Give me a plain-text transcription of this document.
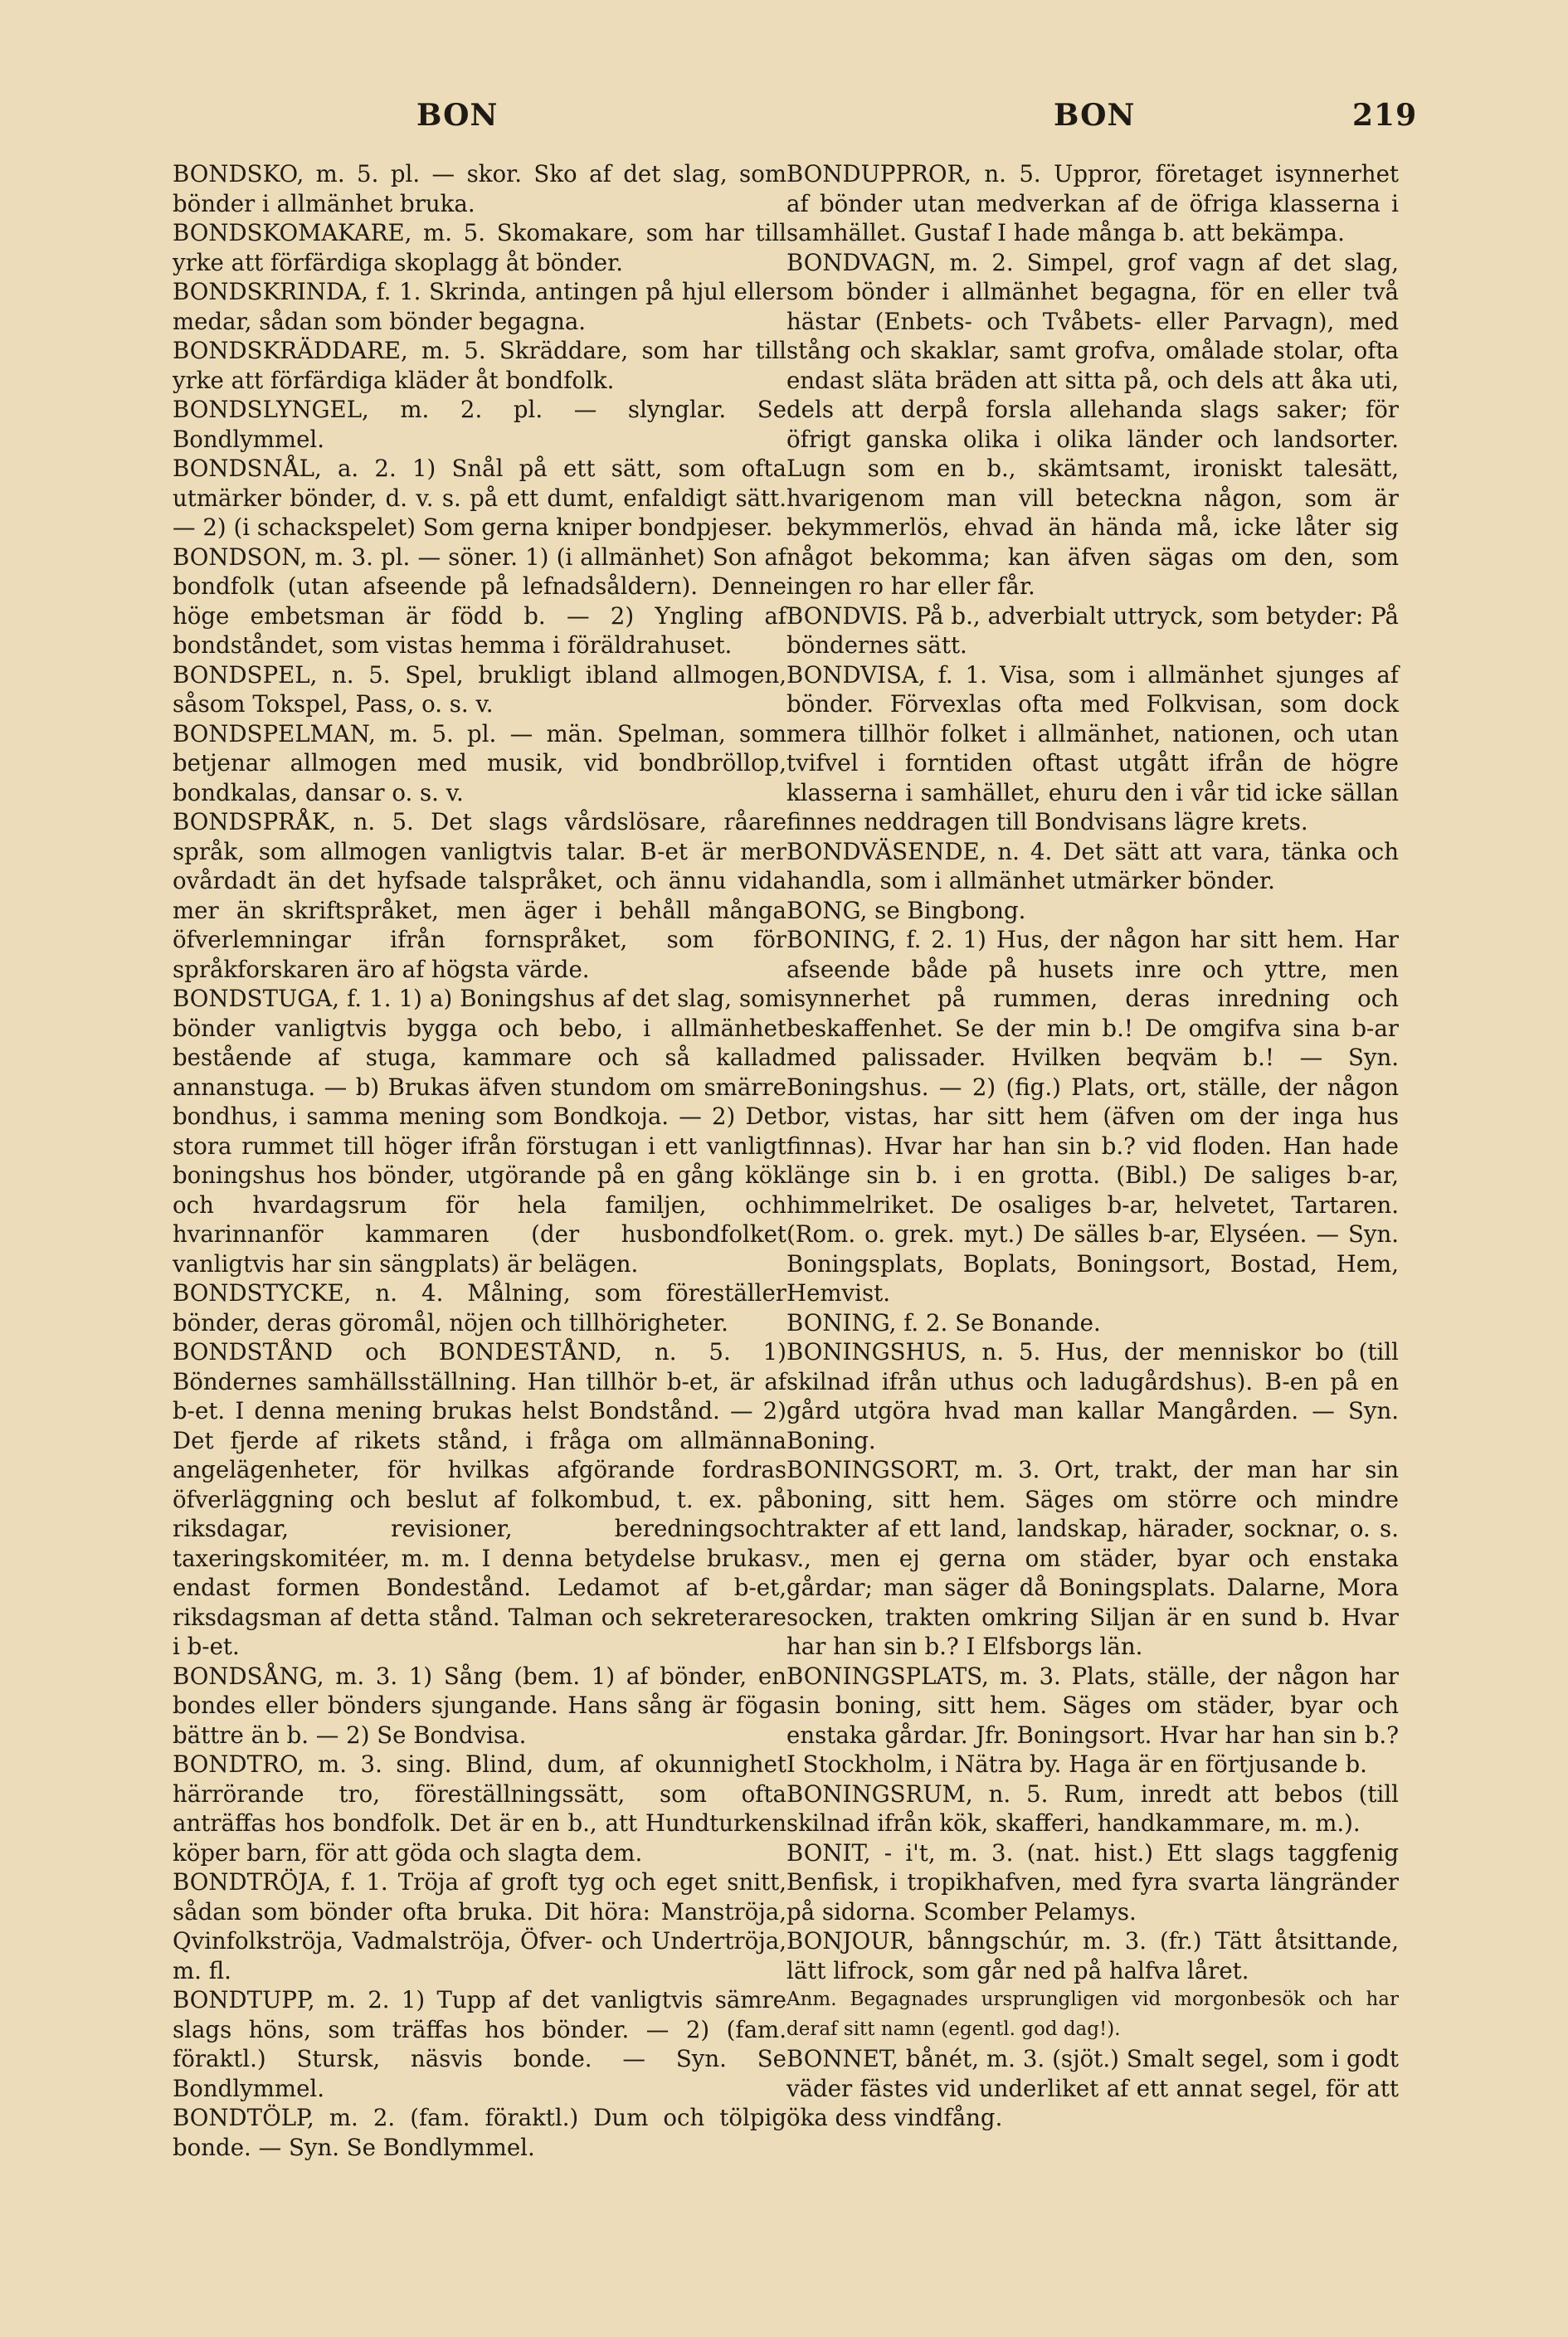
BON	BON	219

BONDSKO, m. 5. pl. — skor. Sko af det slag, som bönder i allmänhet bruka.

BONDSKOMAKARE, m. 5. Skomakare, som har till yrke att förfärdiga skoplagg åt bönder.

BONDSKRINDA, f. 1. Skrinda, antingen på hjul eller medar, sådan som bönder begagna.

BONDSKRÄDDARE, m. 5. Skräddare, som har till yrke att förfärdiga kläder åt bondfolk.

BONDSLYNGEL, m. 2. pl. — slynglar. Se Bondlymmel.

BONDSNÅL, a. 2. 1) Snål på ett sätt, som ofta utmärker bönder, d. v. s. på ett dumt, enfaldigt sätt. — 2) (i schackspelet) Som gerna kniper bondpjeser.

BONDSON, m. 3. pl. — söner. 1) (i allmänhet) Son af bondfolk (utan afseende på lefnadsåldern). Denne höge embetsman är född b. — 2) Yngling af bondståndet, som vistas hemma i föräldrahuset.

BONDSPEL, n. 5. Spel, brukligt ibland allmogen, såsom Tokspel, Pass, o. s. v.

BONDSPELMAN, m. 5. pl. — män. Spelman, som betjenar allmogen med musik, vid bondbröllop, bondkalas, dansar o. s. v.

BONDSPRÅK, n. 5. Det slags vårdslösare, råare språk, som allmogen vanligtvis talar. B-et är mer ovårdadt än det hyfsade talspråket, och ännu vida mer än skriftspråket, men äger i behåll många öfverlemningar ifrån fornspråket, som för språkforskaren äro af högsta värde.

BONDSTUGA, f. 1. 1) a) Boningshus af det slag, som bönder vanligtvis bygga och bebo, i allmänhet bestående af stuga, kammare och så kallad annanstuga. — b) Brukas äfven stundom om smärre bondhus, i samma mening som Bondkoja. — 2) Det stora rummet till höger ifrån förstugan i ett vanligt boningshus hos bönder, utgörande på en gång kök och hvardagsrum för hela familjen, och hvarinnanför kammaren (der husbondfolket vanligtvis har sin sängplats) är belägen.

BONDSTYCKE, n. 4. Målning, som föreställer bönder, deras göromål, nöjen och tillhörigheter.

BONDSTÅND och BONDESTÅND, n. 5. 1) Böndernes samhällsställning. Han tillhör b-et, är af b-et. I denna mening brukas helst Bondstånd. — 2) Det fjerde af rikets stånd, i fråga om allmänna angelägenheter, för hvilkas afgörande fordras öfverläggning och beslut af folkombud, t. ex. på riksdagar, revisioner, beredningsoch taxeringskomitéer, m. m. I denna betydelse brukas endast formen Bondestånd. Ledamot af b-et, riksdagsman af detta stånd. Talman och sekreterare i b-et.

BONDSÅNG, m. 3. 1) Sång (bem. 1) af bönder, en bondes eller bönders sjungande. Hans sång är föga bättre än b. — 2) Se Bondvisa.

BONDTRO, m. 3. sing. Blind, dum, af okunnighet härrörande tro, föreställningssätt, som ofta anträffas hos bondfolk. Det är en b., att Hundturken köper barn, för att göda och slagta dem.

BONDTRÖJA, f. 1. Tröja af groft tyg och eget snitt, sådan som bönder ofta bruka. Dit höra: Manströja, Qvinfolkströja, Vadmalströja, Öfver- och Undertröja, m. fl.

BONDTUPP, m. 2. 1) Tupp af det vanligtvis sämre slags höns, som träffas hos bönder. — 2) (fam. föraktl.) Stursk, näsvis bonde. — Syn. Se Bondlymmel.

BONDTÖLP, m. 2. (fam. föraktl.) Dum och tölpig bonde. — Syn. Se Bondlymmel.

BONDUPPROR, n. 5. Uppror, företaget isynnerhet af bönder utan medverkan af de öfriga klasserna i samhället. Gustaf I hade många b. att bekämpa.

BONDVAGN, m. 2. Simpel, grof vagn af det slag, som bönder i allmänhet begagna, för en eller två hästar (Enbets- och Tvåbets- eller Parvagn), med stång och skaklar, samt grofva, omålade stolar, ofta endast släta bräden att sitta på, och dels att åka uti, dels att derpå forsla allehanda slags saker; för öfrigt ganska olika i olika länder och landsorter. Lugn som en b., skämtsamt, ironiskt talesätt, hvarigenom man vill beteckna någon, som är bekymmerlös, ehvad än hända må, icke låter sig något bekomma; kan äfven sägas om den, som ingen ro har eller får.

BONDVIS. På b., adverbialt uttryck, som betyder: På böndernes sätt.

BONDVISA, f. 1. Visa, som i allmänhet sjunges af bönder. Förvexlas ofta med Folkvisan, som dock mera tillhör folket i allmänhet, nationen, och utan tvifvel i forntiden oftast utgått ifrån de högre klasserna i samhället, ehuru den i vår tid icke sällan finnes neddragen till Bondvisans lägre krets.

BONDVÄSENDE, n. 4. Det sätt att vara, tänka och handla, som i allmänhet utmärker bönder.

BONG, se Bingbong.

BONING, f. 2. 1) Hus, der någon har sitt hem. Har afseende både på husets inre och yttre, men isynnerhet på rummen, deras inredning och beskaffenhet. Se der min b.! De omgifva sina b-ar med palissader. Hvilken beqväm b.! — Syn. Boningshus. — 2) (fig.) Plats, ort, ställe, der någon bor, vistas, har sitt hem (äfven om der inga hus finnas). Hvar har han sin b.? vid floden. Han hade länge sin b. i en grotta. (Bibl.) De saliges b-ar, himmelriket. De osaliges b-ar, helvetet, Tartaren. (Rom. o. grek. myt.) De sälles b-ar, Elyséen. — Syn. Boningsplats, Boplats, Boningsort, Bostad, Hem, Hemvist.

BONING, f. 2. Se Bonande.

BONINGSHUS, n. 5. Hus, der menniskor bo (till skilnad ifrån uthus och ladugårdshus). B-en på en gård utgöra hvad man kallar Mangården. — Syn. Boning.

BONINGSORT, m. 3. Ort, trakt, der man har sin boning, sitt hem. Säges om större och mindre trakter af ett land, landskap, härader, socknar, o. s. v., men ej gerna om städer, byar och enstaka gårdar; man säger då Boningsplats. Dalarne, Mora socken, trakten omkring Siljan är en sund b. Hvar har han sin b.? I Elfsborgs län.

BONINGSPLATS, m. 3. Plats, ställe, der någon har sin boning, sitt hem. Säges om städer, byar och enstaka gårdar. Jfr. Boningsort. Hvar har han sin b.? I Stockholm, i Nätra by. Haga är en förtjusande b.

BONINGSRUM, n. 5. Rum, inredt att bebos (till skilnad ifrån kök, skafferi, handkammare, m. m.).

BONIT, - i't, m. 3. (nat. hist.) Ett slags taggfenig Benfisk, i tropikhafven, med fyra svarta längränder på sidorna. Scomber Pelamys.

BONJOUR, bånngschúr, m. 3. (fr.) Tätt åtsittande, lätt lifrock, som går ned på halfva låret.

Anm. Begagnades ursprungligen vid morgonbesök och har deraf sitt namn (egentl. god dag!).

BONNET, bånét, m. 3. (sjöt.) Smalt segel, som i godt väder fästes vid underliket af ett annat segel, för att öka dess vindfång.
